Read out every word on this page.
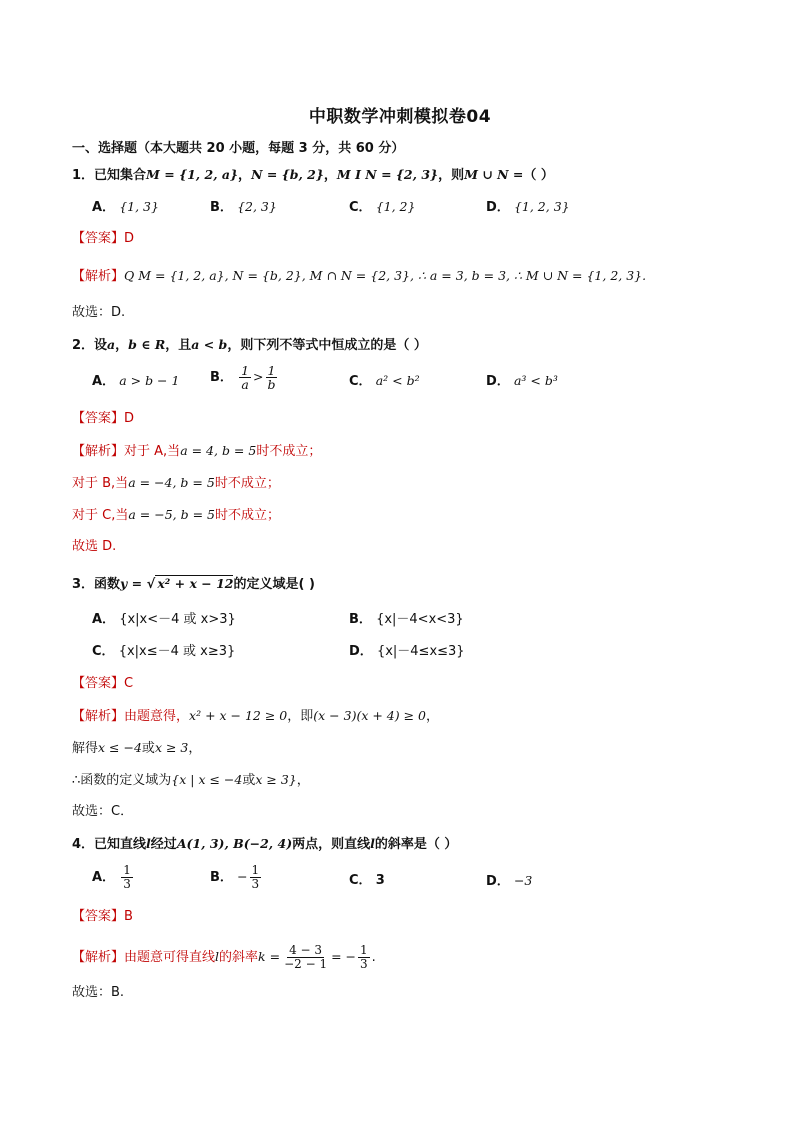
中职数学冲刺模拟卷04
一、选择题（本大题共 20 小题，每题 3 分，共 60 分）
1．已知集合M = {1, 2, a}，N = {b, 2}，M I N = {2, 3}，则M ∪ N =（ ）
A． {1, 3}	B． {2, 3}	C． {1, 2}	D． {1, 2, 3}
【答案】D
【解析】Q M = {1, 2, a}, N = {b, 2}, M ∩ N = {2, 3}, ∴ a = 3, b = 3, ∴ M ∪ N = {1, 2, 3}.
故选：D.
2．设a，b ∈ R，且a < b，则下列不等式中恒成立的是（ ）
A． a > b − 1 B． $\frac{1}{a} > \frac{1}{b}$	C． a² < b²	D． a³ < b³
【答案】D
【解析】对于 A,当a = 4, b = 5时不成立；
对于 B,当a = −4, b = 5时不成立；
对于 C,当a = −5, b = 5时不成立；
故选 D.
3．函数y = √ x² + x − 12的定义域是( )
A． {x|x<－4 或 x>3}	B． {x|－4<x<3}
C． {x|x≤－4 或 x≥3}	D． {x|－4≤x≤3}
【答案】C
【解析】由题意得，x² + x − 12 ≥ 0，即(x − 3)(x + 4) ≥ 0，
解得x ≤ −4或x ≥ 3，
∴函数的定义域为{x | x ≤ −4或x ≥ 3}，
故选：C．
4．已知直线l经过A(1, 3), B(−2, 4)两点，则直线l的斜率是（ ）
A． $\frac{1}{3}$	B． − $\frac{1}{3}$	C． 3	D． −3
【答案】B
【解析】由题意可得直线l的斜率$k = \frac{4 - 3}{-2 - 1}$ = − $\frac{1}{3}$ .
故选：B.
